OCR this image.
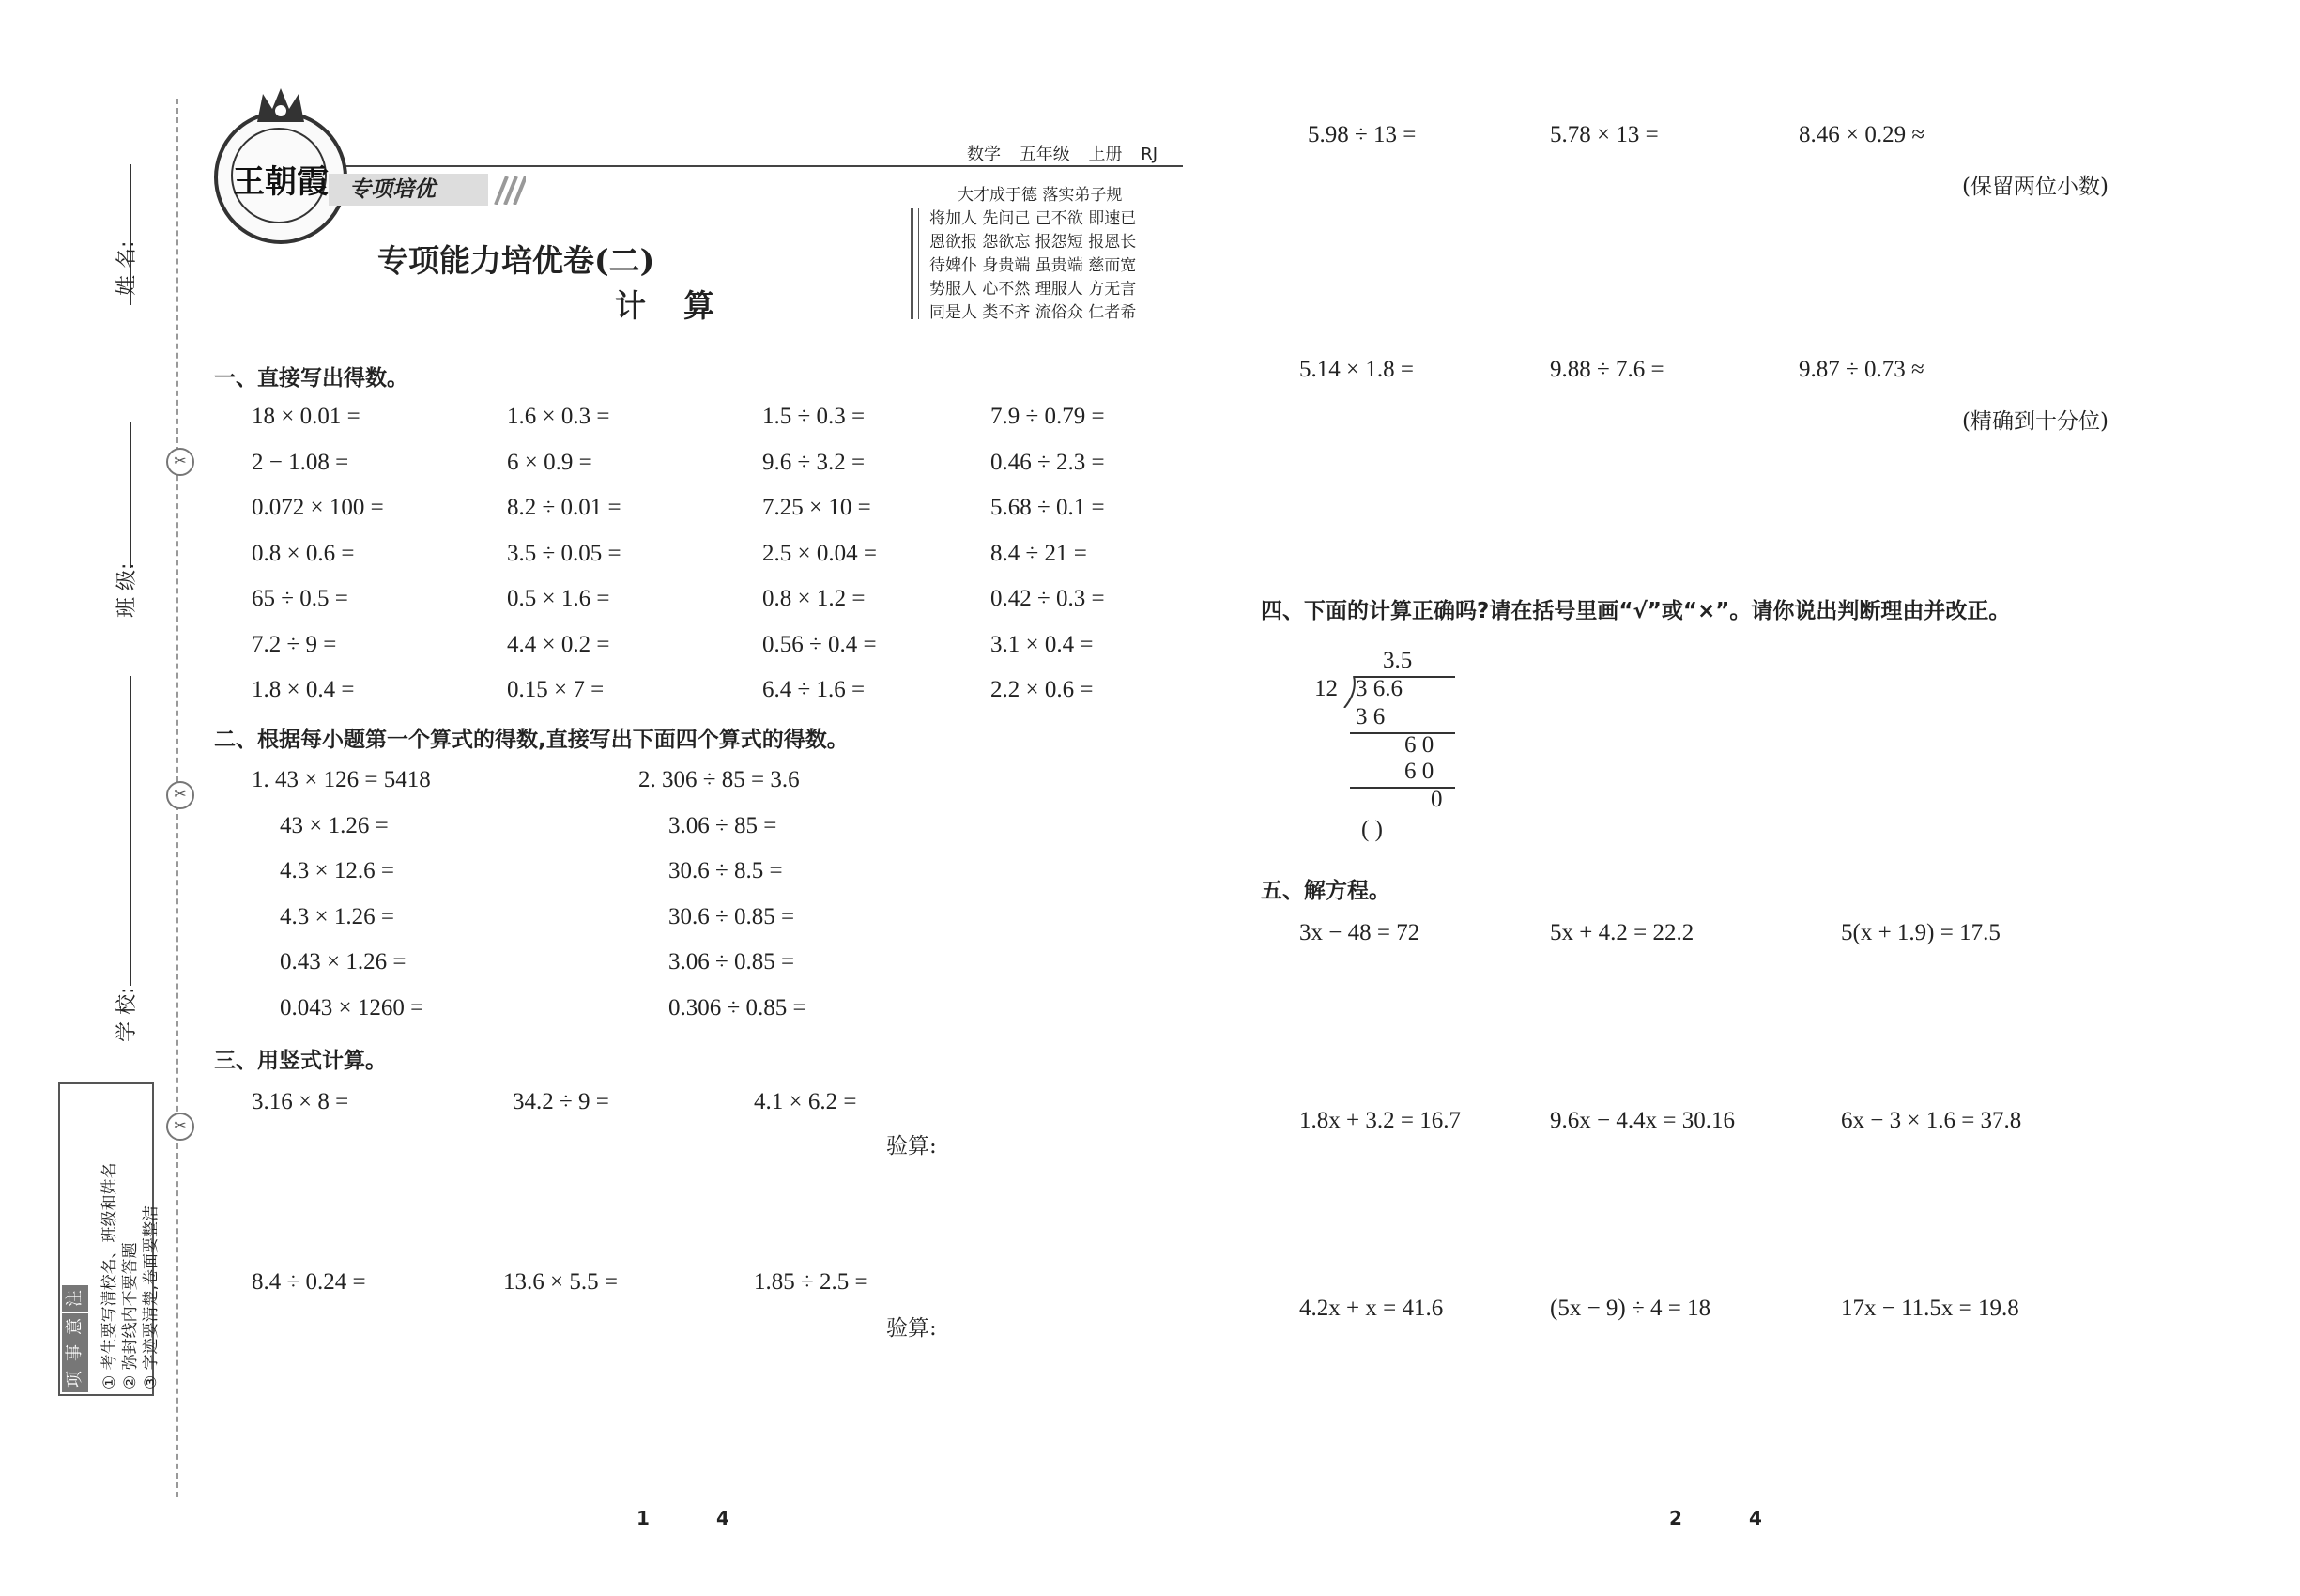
✂
✂
✂
姓 名:
班 级:
学 校:
注
意
事
项 ① 考生要写清校名、班级和姓名 ② 弥封线内不要答题 ③ 字迹要清楚,卷面要整洁
王朝霞 专项培优
数学 五年级 上册 RJ
大才成于德 落实弟子规
将加人 先问己 己不欲 即速已
恩欲报 怨欲忘 报怨短 报恩长
待婢仆 身贵端 虽贵端 慈而宽
势服人 心不然 理服人 方无言
同是人 类不齐 流俗众 仁者希
专项能力培优卷(二)
计算
一、直接写出得数。
18 × 0.01 =	1.6 × 0.3 =	1.5 ÷ 0.3 =	7.9 ÷ 0.79 =
2 − 1.08 =	6 × 0.9 =	9.6 ÷ 3.2 =	0.46 ÷ 2.3 =
0.072 × 100 =	8.2 ÷ 0.01 =	7.25 × 10 =	5.68 ÷ 0.1 =
0.8 × 0.6 =	3.5 ÷ 0.05 =	2.5 × 0.04 =	8.4 ÷ 21 =
65 ÷ 0.5 =	0.5 × 1.6 =	0.8 × 1.2 =	0.42 ÷ 0.3 =
7.2 ÷ 9 =	4.4 × 0.2 =	0.56 ÷ 0.4 =	3.1 × 0.4 =
1.8 × 0.4 =	0.15 × 7 =	6.4 ÷ 1.6 =	2.2 × 0.6 =
二、根据每小题第一个算式的得数,直接写出下面四个算式的得数。
1. 43 × 126 = 5418
43 × 1.26 =
4.3 × 12.6 =
4.3 × 1.26 =
0.43 × 1.26 =
0.043 × 1260 =
2. 306 ÷ 85 = 3.6
3.06 ÷ 85 =
30.6 ÷ 8.5 =
30.6 ÷ 0.85 =
3.06 ÷ 0.85 =
0.306 ÷ 0.85 =
三、用竖式计算。
3.16 × 8 =	34.2 ÷ 9 =	4.1 × 6.2 =
验算:
8.4 ÷ 0.24 =	13.6 × 5.5 =	1.85 ÷ 2.5 =
验算:
5.98 ÷ 13 =	5.78 × 13 =	8.46 × 0.29 ≈
(保留两位小数)
5.14 × 1.8 =	9.88 ÷ 7.6 =	9.87 ÷ 0.73 ≈
(精确到十分位)
四、下面的计算正确吗?请在括号里画“√”或“×”。请你说出判断理由并改正。
3.5
12 3 6.6
3 6
6 0
6 0
0
( )
五、解方程。
3x − 48 = 72	5x + 4.2 = 22.2	5(x + 1.9) = 17.5
1.8x + 3.2 = 16.7	9.6x − 4.4x = 30.16	6x − 3 × 1.6 = 37.8
4.2x + x = 41.6	(5x − 9) ÷ 4 = 18	17x − 11.5x = 19.8
1	4	2	4
